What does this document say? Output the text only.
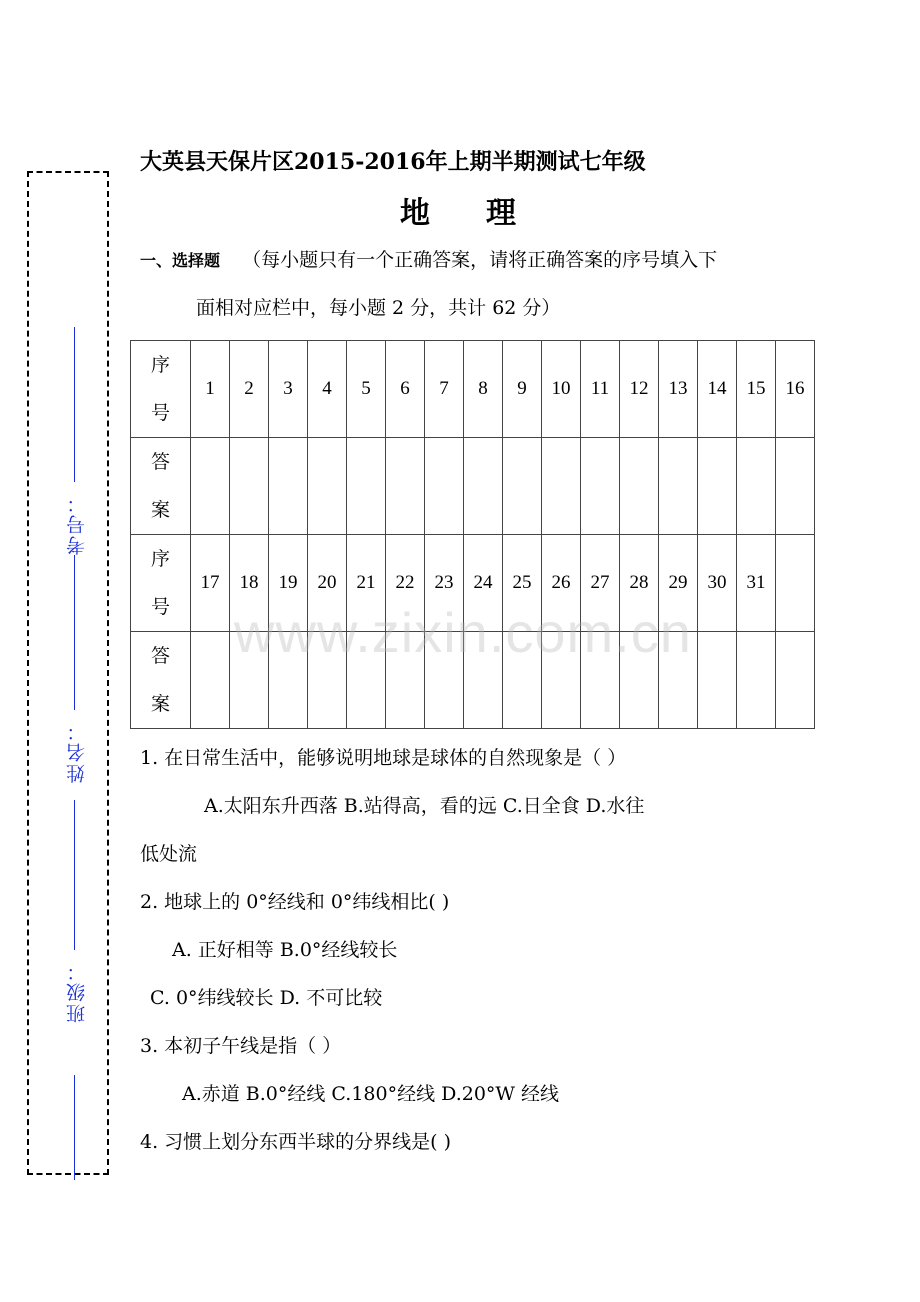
考号：
姓名：
班级：
大英县天保片区2015-2016年上期半期测试七年级
地理
一、选择题 （每小题只有一个正确答案，请将正确答案的序号填入下
面相对应栏中，每小题 2 分，共计 62 分）
序
号	1	2	3	4	5	6	7	8	9	10	11	12	13	14	15	16

答
案																

序
号	17	18	19	20	21	22	23	24	25	26	27	28	29	30	31	

答
案																

www.zixin.com.cn
1. 在日常生活中，能够说明地球是球体的自然现象是（ ）
A.太阳东升西落 B.站得高，看的远 C.日全食 D.水往
低处流
2. 地球上的 0°经线和 0°纬线相比( )
A. 正好相等 B.0°经线较长
C. 0°纬线较长 D. 不可比较
3. 本初子午线是指（ ）
A.赤道 B.0°经线 C.180°经线 D.20°W 经线
4. 习惯上划分东西半球的分界线是( )
